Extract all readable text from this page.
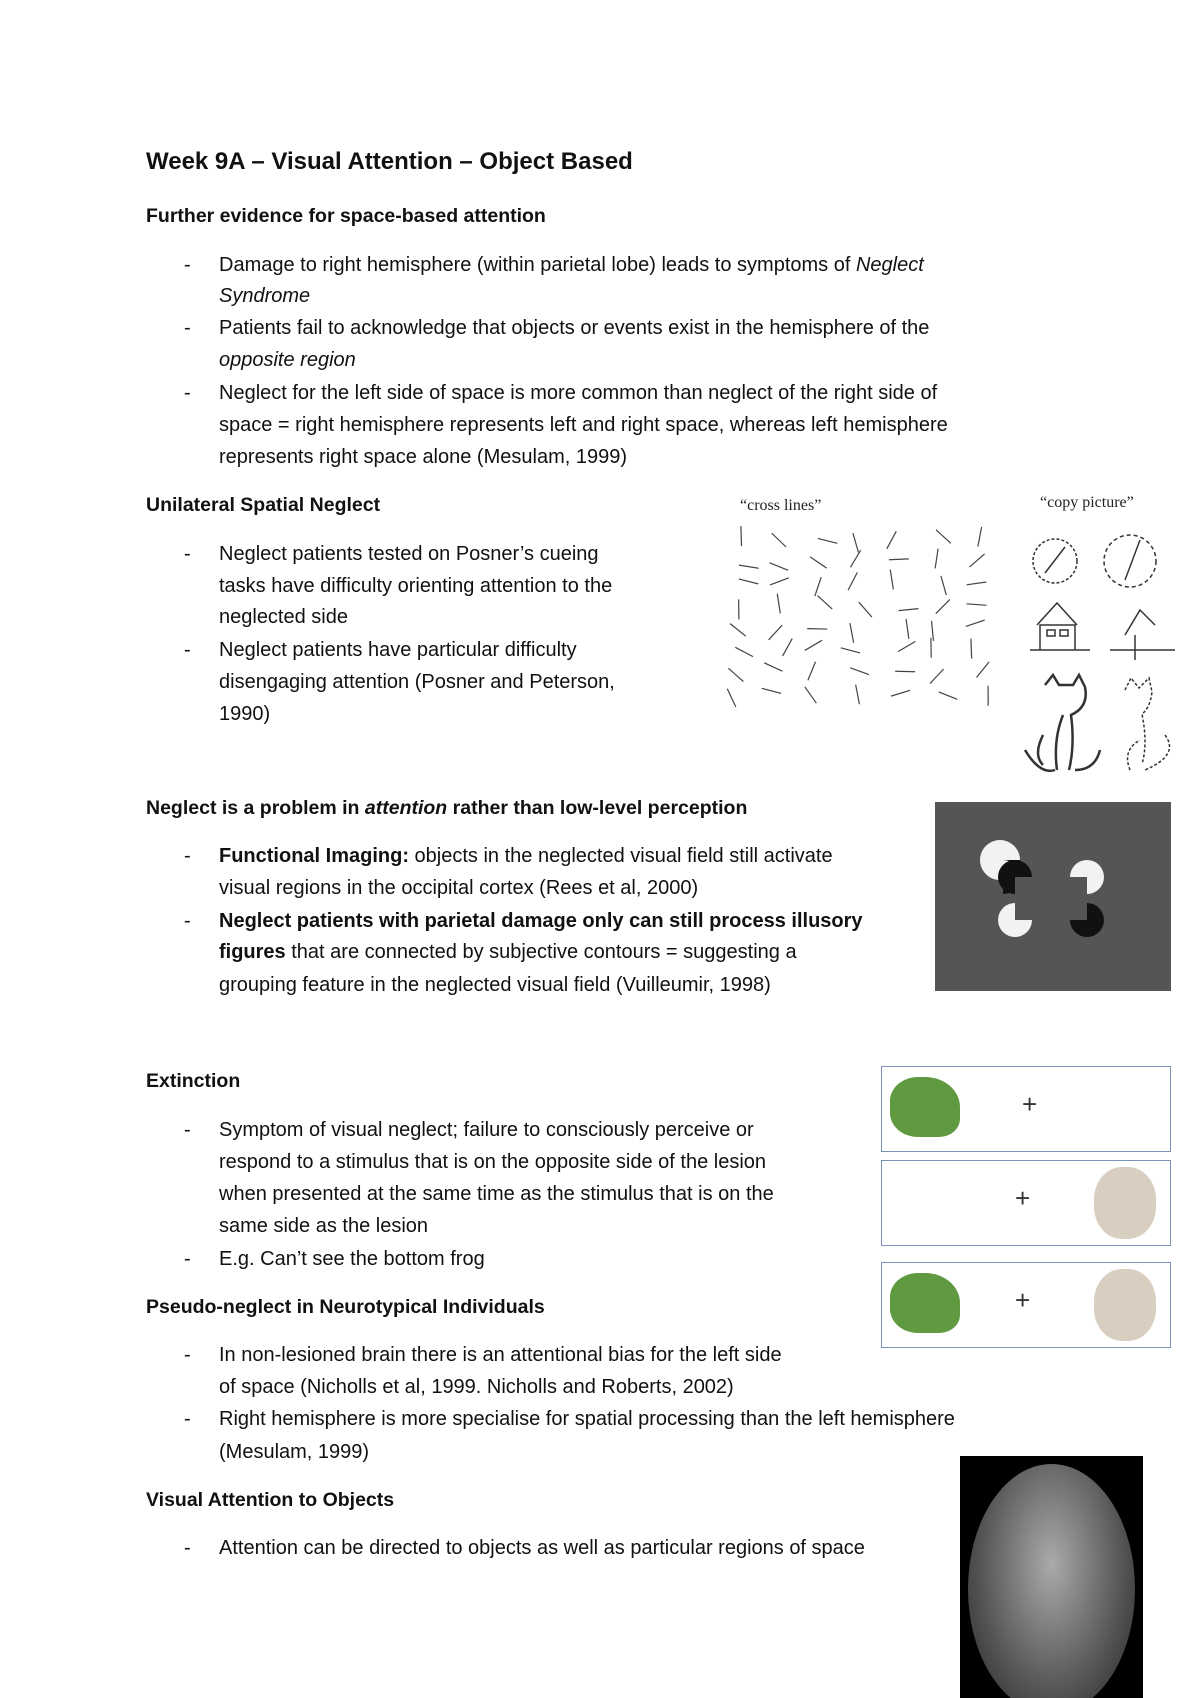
Week 9A – Visual Attention – Object Based
Further evidence for space-based attention
- Damage to right hemisphere (within parietal lobe) leads to symptoms of Neglect
Syndrome
- Patients fail to acknowledge that objects or events exist in the hemisphere of the
opposite region
- Neglect for the left side of space is more common than neglect of the right side of
space = right hemisphere represents left and right space, whereas left hemisphere
represents right space alone (Mesulam, 1999)
Unilateral Spatial Neglect
- Neglect patients tested on Posner’s cueing
tasks have difficulty orienting attention to the
neglected side
- Neglect patients have particular difficulty
disengaging attention (Posner and Peterson,
1990)
Neglect is a problem in attention rather than low-level perception
- Functional Imaging: objects in the neglected visual field still activate
visual regions in the occipital cortex (Rees et al, 2000)
- Neglect patients with parietal damage only can still process illusory
figures that are connected by subjective contours = suggesting a
grouping feature in the neglected visual field (Vuilleumir, 1998)
Extinction
- Symptom of visual neglect; failure to consciously perceive or
respond to a stimulus that is on the opposite side of the lesion
when presented at the same time as the stimulus that is on the
same side as the lesion
- E.g. Can’t see the bottom frog
Pseudo-neglect in Neurotypical Individuals
- In non-lesioned brain there is an attentional bias for the left side
of space (Nicholls et al, 1999. Nicholls and Roberts, 2002)
- Right hemisphere is more specialise for spatial processing than the left hemisphere
(Mesulam, 1999)
Visual Attention to Objects
- Attention can be directed to objects as well as particular regions of space
“cross lines”	“copy picture”
+
+
+
